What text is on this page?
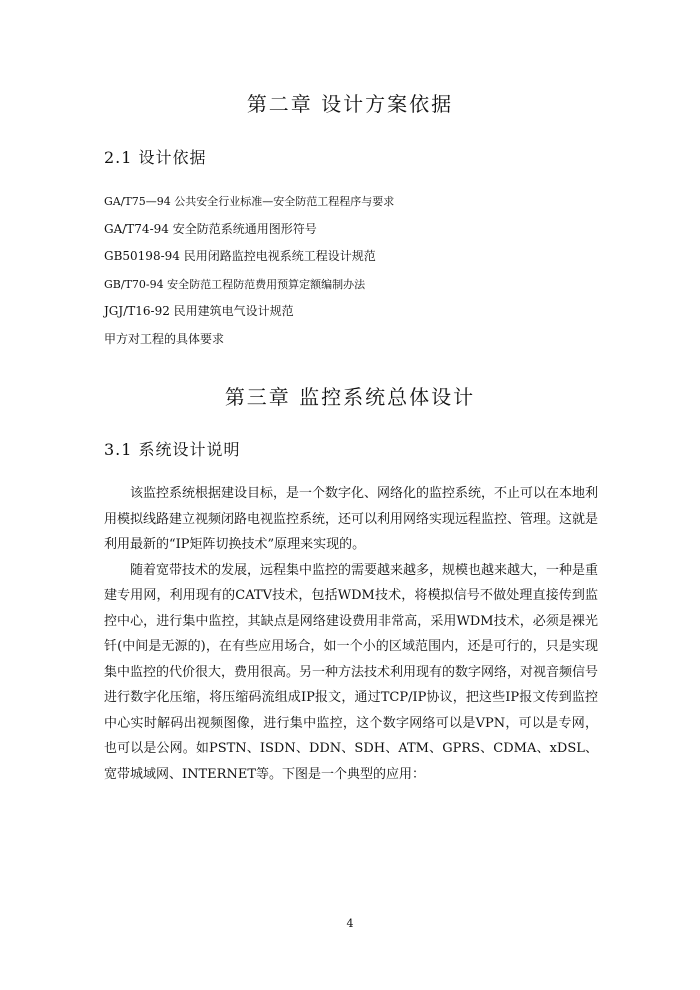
第二章 设计方案依据
2.1 设计依据
GA/T75—94 公共安全行业标准—安全防范工程程序与要求
GA/T74-94 安全防范系统通用图形符号
GB50198-94 民用闭路监控电视系统工程设计规范
GB/T70-94 安全防范工程防范费用预算定额编制办法
JGJ/T16-92 民用建筑电气设计规范
甲方对工程的具体要求
第三章 监控系统总体设计
3.1 系统设计说明

该监控系统根据建设目标，是一个数字化、网络化的监控系统，不止可以在本地利用模拟线路建立视频闭路电视监控系统，还可以利用网络实现远程监控、管理。这就是利用最新的“IP矩阵切换技术”原理来实现的。

随着宽带技术的发展，远程集中监控的需要越来越多，规模也越来越大，一种是重建专用网，利用现有的CATV技术，包括WDM技术，将模拟信号不做处理直接传到监控中心，进行集中监控，其缺点是网络建设费用非常高，采用WDM技术，必须是裸光钎(中间是无源的)，在有些应用场合，如一个小的区域范围内，还是可行的，只是实现集中监控的代价很大，费用很高。另一种方法技术利用现有的数字网络，对视音频信号进行数字化压缩，将压缩码流组成IP报文，通过TCP/IP协议，把这些IP报文传到监控中心实时解码出视频图像，进行集中监控，这个数字网络可以是VPN，可以是专网，也可以是公网。如PSTN、ISDN、DDN、SDH、ATM、GPRS、CDMA、xDSL、宽带城域网、INTERNET等。下图是一个典型的应用：

4
